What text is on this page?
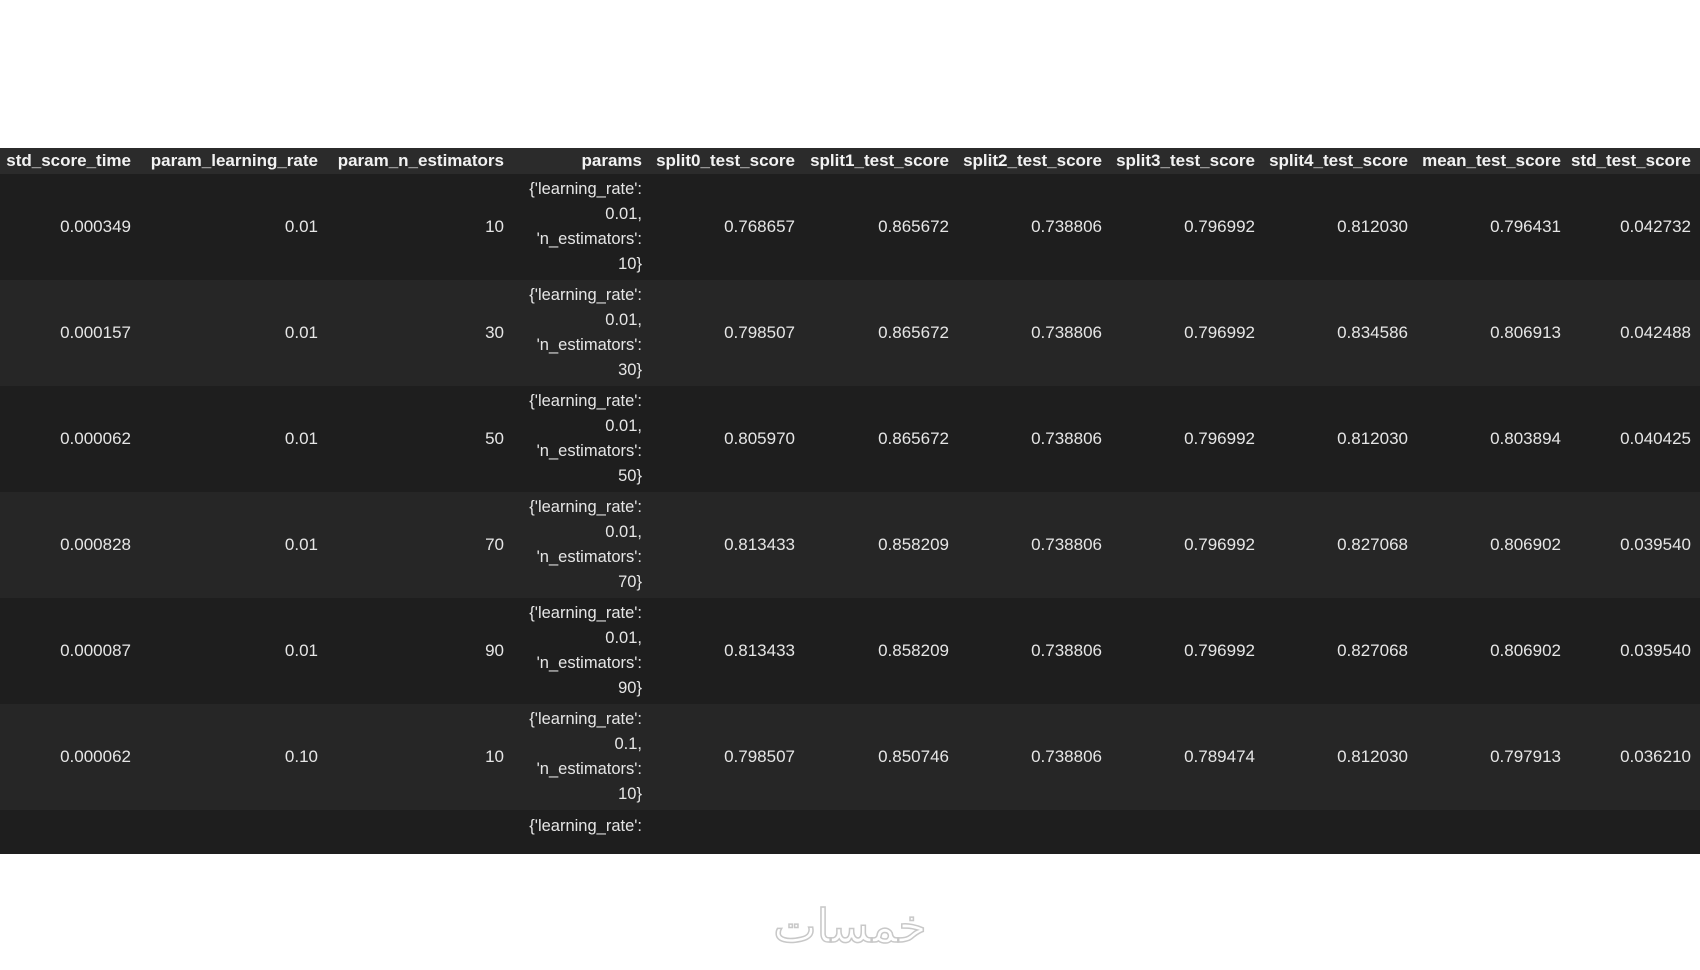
std_score_time	param_learning_rate	param_n_estimators	params	split0_test_score	split1_test_score	split2_test_score	split3_test_score	split4_test_score	mean_test_score	std_test_score
0.000349	0.01	10	{'learning_rate':
0.01,
'n_estimators':
10}	0.768657	0.865672	0.738806	0.796992	0.812030	0.796431	0.042732
0.000157	0.01	30	{'learning_rate':
0.01,
'n_estimators':
30}	0.798507	0.865672	0.738806	0.796992	0.834586	0.806913	0.042488
0.000062	0.01	50	{'learning_rate':
0.01,
'n_estimators':
50}	0.805970	0.865672	0.738806	0.796992	0.812030	0.803894	0.040425
0.000828	0.01	70	{'learning_rate':
0.01,
'n_estimators':
70}	0.813433	0.858209	0.738806	0.796992	0.827068	0.806902	0.039540
0.000087	0.01	90	{'learning_rate':
0.01,
'n_estimators':
90}	0.813433	0.858209	0.738806	0.796992	0.827068	0.806902	0.039540
0.000062	0.10	10	{'learning_rate':
0.1,
'n_estimators':
10}	0.798507	0.850746	0.738806	0.789474	0.812030	0.797913	0.036210

			{'learning_rate':							

خمسات
